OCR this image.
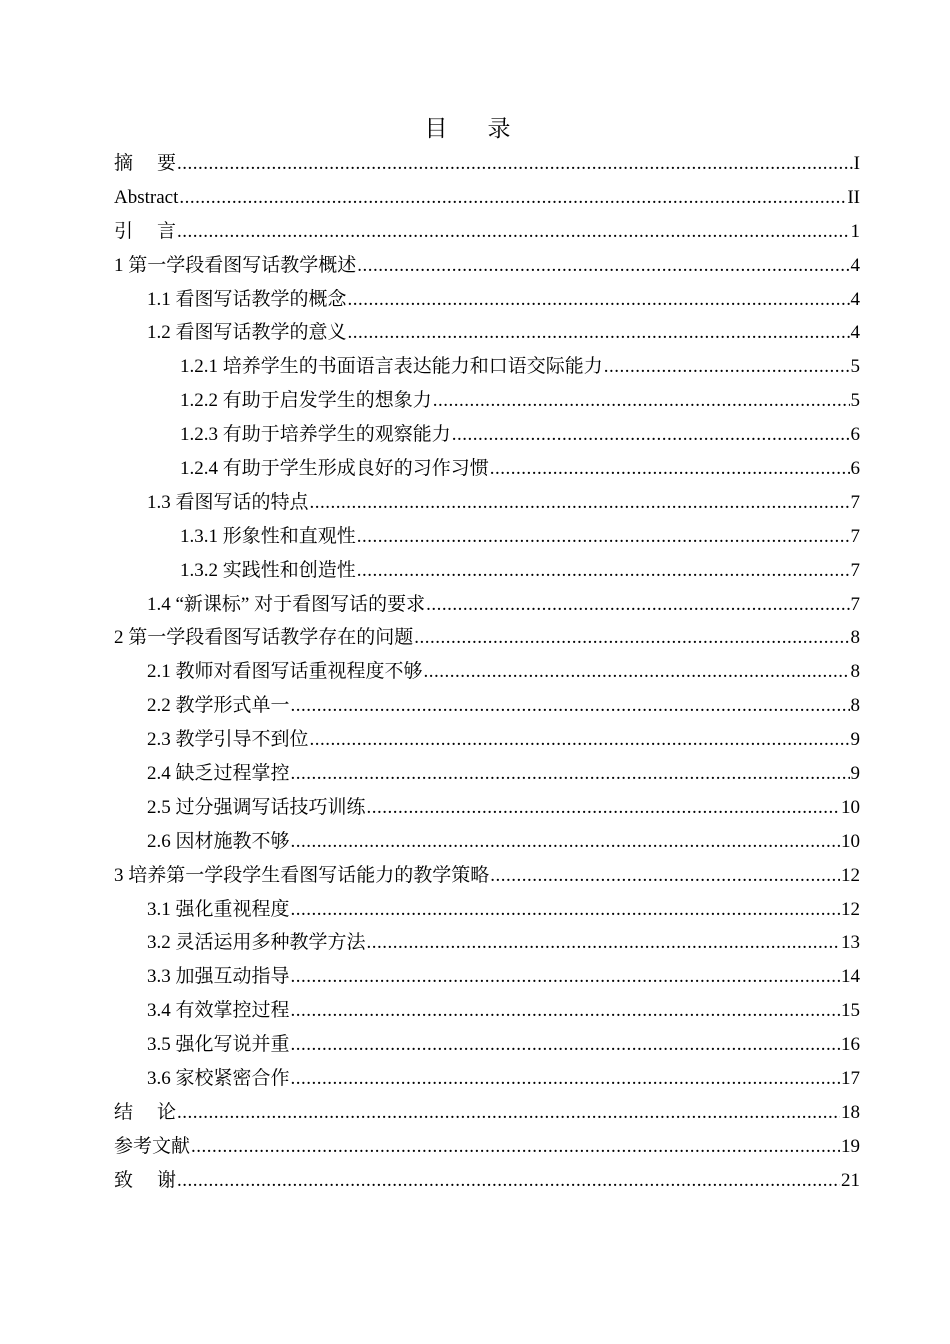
目录
摘要 .....	I
Abstract .....	II
引言 .....	1
1 第一学段看图写话教学概述 .....	4
1.1 看图写话教学的概念 .....	4
1.2 看图写话教学的意义 .....	4
1.2.1 培养学生的书面语言表达能力和口语交际能力 .....	5
1.2.2 有助于启发学生的想象力 .....	5
1.2.3 有助于培养学生的观察能力 .....	6
1.2.4 有助于学生形成良好的习作习惯 .....	6
1.3 看图写话的特点 .....	7
1.3.1 形象性和直观性 .....	7
1.3.2 实践性和创造性 .....	7
1.4 “新课标” 对于看图写话的要求 .....	7
2 第一学段看图写话教学存在的问题 .....	8
2.1 教师对看图写话重视程度不够 .....	8
2.2 教学形式单一 .....	8
2.3 教学引导不到位 .....	9
2.4 缺乏过程掌控 .....	9
2.5 过分强调写话技巧训练 .....	10
2.6 因材施教不够 .....	10
3 培养第一学段学生看图写话能力的教学策略 .....	12
3.1 强化重视程度 .....	12
3.2 灵活运用多种教学方法 .....	13
3.3 加强互动指导 .....	14
3.4 有效掌控过程 .....	15
3.5 强化写说并重 .....	16
3.6 家校紧密合作 .....	17
结论 .....	18
参考文献 .....	19
致谢 .....	21
